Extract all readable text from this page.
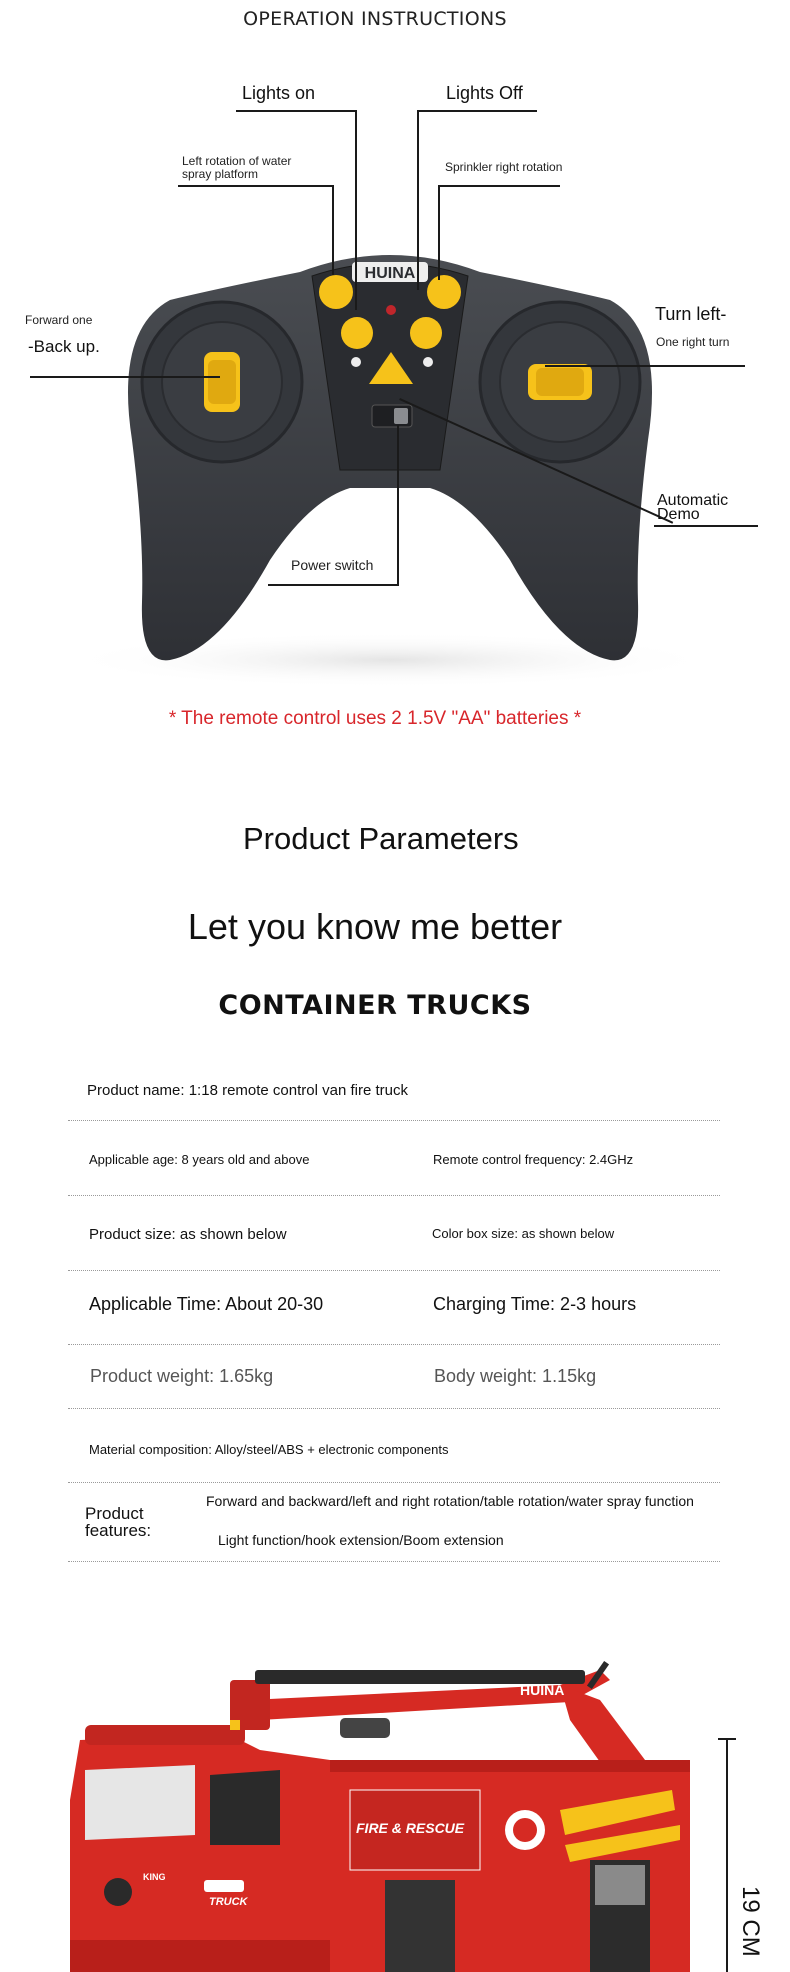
OPERATION INSTRUCTIONS
HUINA
Lights on	Lights Off
Left rotation of water spray platform	Sprinkler right rotation
Forward one
-Back up.
Turn left-
One right turn
Automatic Demo
Power switch
* The remote control uses 2 1.5V "AA" batteries *
Product Parameters
Let you know me better
CONTAINER TRUCKS
Product name: 1:18 remote control van fire truck
Applicable age: 8 years old and above	Remote control frequency: 2.4GHz
Product size: as shown below	Color box size: as shown below
Applicable Time: About 20-30	Charging Time: 2-3 hours
Product weight: 1.65kg	Body weight: 1.15kg
Material composition: Alloy/steel/ABS + electronic components
Product features:
Forward and backward/left and right rotation/table rotation/water spray function
Light function/hook extension/Boom extension
HUINA
FIRE & RESCUE
KING
TRUCK	19 CM
